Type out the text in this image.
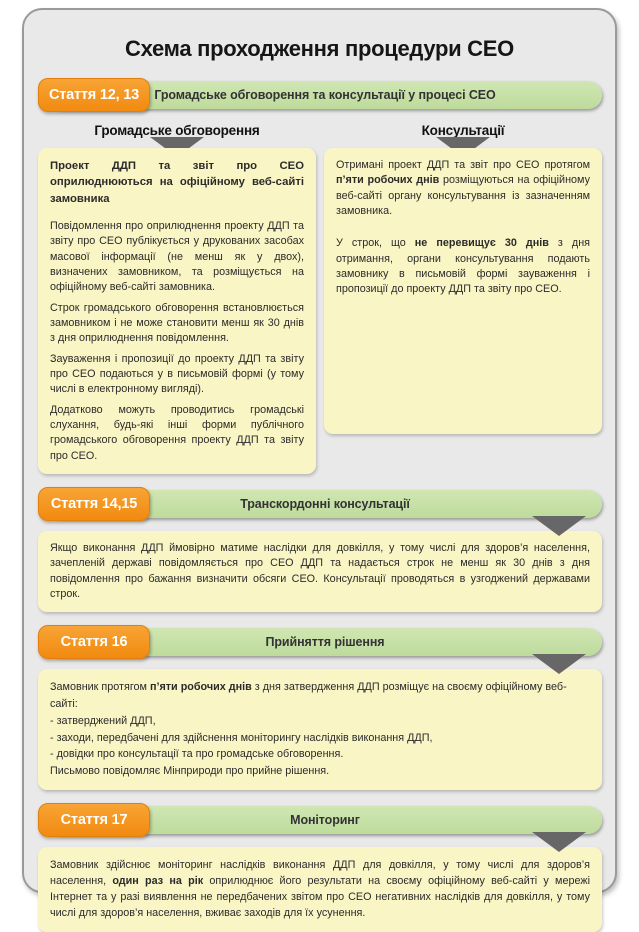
Схема проходження процедури СЕО
Громадське обговорення та консультації у процесі СЕО
Стаття 12, 13
Громадське обговорення

Проект ДДП та звіт про СЕО оприлюднюються на офіційному веб-сайті замовника

Повідомлення про оприлюднення проекту ДДП та звіту про СЕО публікується у друкованих засобах масової інформації (не менш як у двох), визначених замовником, та розміщується на офіційному веб-сайті замовника.

Строк громадського обговорення встановлюється замовником і не може становити менш як 30 днів з дня оприлюднення повідомлення.

Зауваження і пропозиції до проекту ДДП та звіту про СЕО подаються у в письмовій формі (у тому числі в електронному вигляді).

Додатково можуть проводитись громадські слухання, будь-які інші форми публічного громадського обговорення проекту ДДП та звіту про СЕО.

Консультації

Отримані проект ДДП та звіт про СЕО протягом п’яти робочих днів розміщуються на офіційному веб-сайті органу консультування із зазначенням замовника.

У строк, що не перевищує 30 днів з дня отримання, органи консультування подають замовнику в письмовій формі зауваження і пропозиції до проекту ДДП та звіту про СЕО.

Транскордонні консультації
Стаття 14,15

Якщо виконання ДДП ймовірно матиме наслідки для довкілля, у тому числі для здоров’я населення, зачепленій державі повідомляється про СЕО ДДП та надається строк не менш як 30 днів з дня повідомлення про бажання визначити обсяги СЕО. Консультації проводяться в узгоджений державами строк.

Прийняття рішення
Стаття 16

Замовник протягом п’яти робочих днів з дня затвердження ДДП розміщує на своєму офіційному веб-сайті:

- затверджений ДДП,
- заходи, передбачені для здійснення моніторингу наслідків виконання ДДП,
- довідки про консультації та про громадське обговорення.

Письмово повідомляє Мінприроди про прийне рішення.

Моніторинг
Стаття 17

Замовник здійснює моніторинг наслідків виконання ДДП для довкілля, у тому числі для здоров’я населення, один раз на рік оприлюднює його результати на своєму офіційному веб-сайті у мережі Інтернет та у разі виявлення не передбачених звітом про СЕО негативних наслідків для довкілля, у тому числі для здоров’я населення, вживає заходів для їх усунення.
